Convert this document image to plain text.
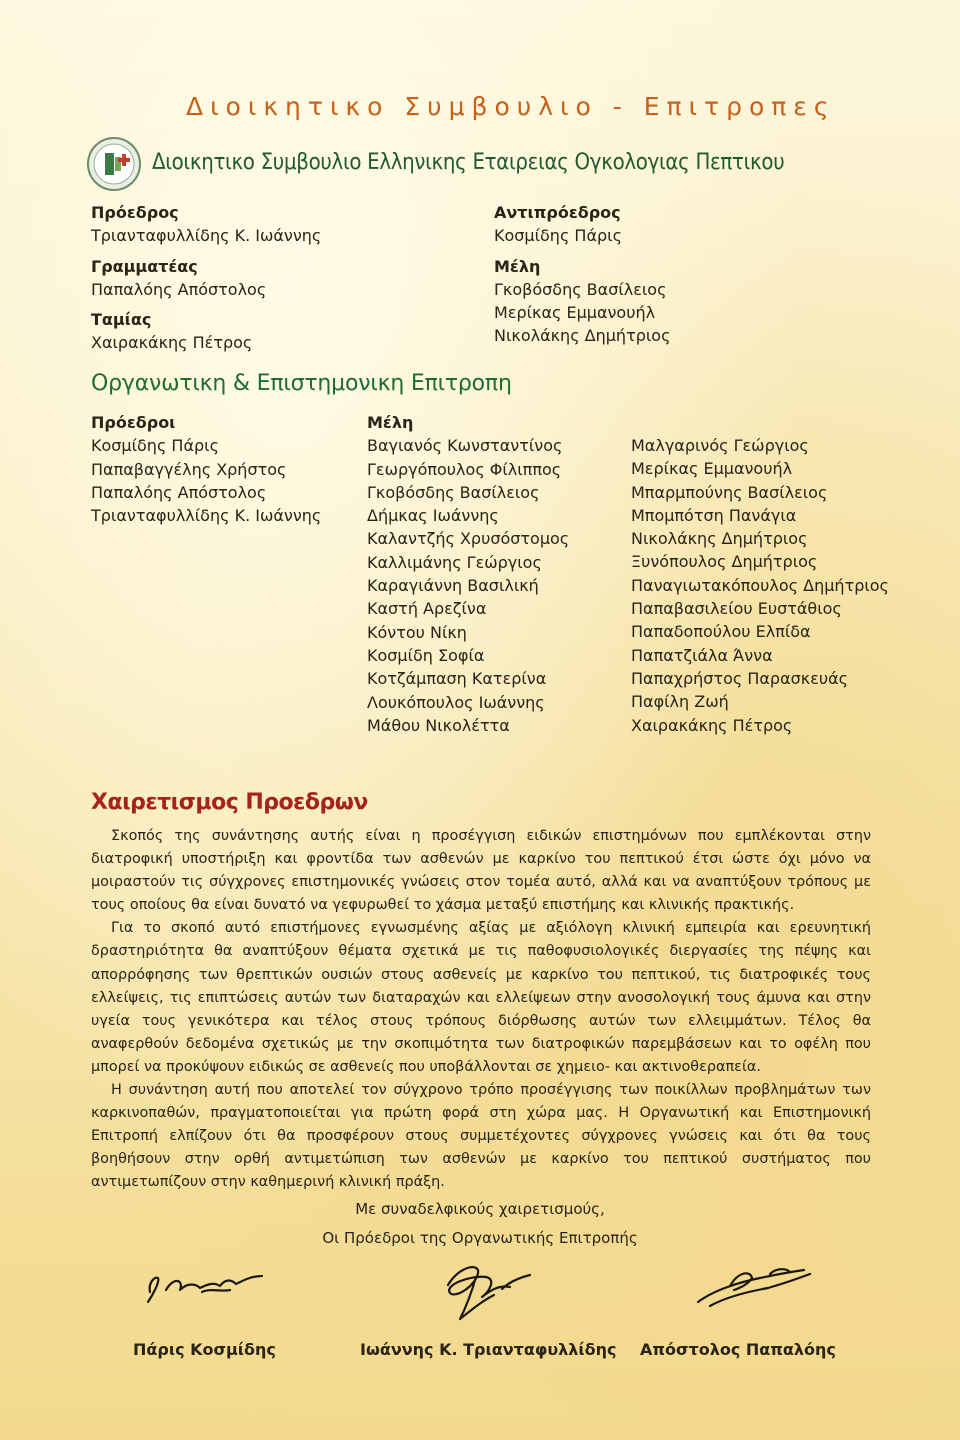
Διοικητικο Συμβουλιο - Επιτροπες
Διοικητικο Συμβουλιο Ελληνικης Εταιρειας Ογκολογιας Πεπτικου
Πρόεδρος
Τριανταφυλλίδης Κ. Ιωάννης
Γραμματέας
Παπαλόης Απόστολος
Ταμίας
Χαιρακάκης Πέτρος
Αντιπρόεδρος
Κοσμίδης Πάρις
Μέλη
Γκοβόσδης Βασίλειος
Μερίκας Εμμανουήλ
Νικολάκης Δημήτριος
Οργανωτικη & Επιστημονικη Επιτροπη
Πρόεδροι
Κοσμίδης Πάρις
Παπαβαγγέλης Χρήστος
Παπαλόης Απόστολος
Τριανταφυλλίδης Κ. Ιωάννης
Μέλη
Βαγιανός Κωνσταντίνος
Γεωργόπουλος Φίλιππος
Γκοβόσδης Βασίλειος
Δήμκας Ιωάννης
Καλαντζής Χρυσόστομος
Καλλιμάνης Γεώργιος
Καραγιάννη Βασιλική
Καστή Αρεζίνα
Κόντου Νίκη
Κοσμίδη Σοφία
Κοτζάμπαση Κατερίνα
Λουκόπουλος Ιωάννης
Μάθου Νικολέττα
Μαλγαρινός Γεώργιος
Μερίκας Εμμανουήλ
Μπαρμπούνης Βασίλειος
Μπομπότση Πανάγια
Νικολάκης Δημήτριος
Ξυνόπουλος Δημήτριος
Παναγιωτακόπουλος Δημήτριος
Παπαβασιλείου Ευστάθιος
Παπαδοπούλου Ελπίδα
Παπατζιάλα Άννα
Παπαχρήστος Παρασκευάς
Παφίλη Ζωή
Χαιρακάκης Πέτρος
Χαιρετισμος Προεδρων

Σκοπός της συνάντησης αυτής είναι η προσέγγιση ειδικών επιστημόνων που εμπλέκονται στην διατροφική υποστήριξη και φροντίδα των ασθενών με καρκίνο του πεπτικού έτσι ώστε όχι μόνο να μοιραστούν τις σύγχρονες επιστημονικές γνώσεις στον τομέα αυτό, αλλά και να αναπτύξουν τρόπους με τους οποίους θα είναι δυνατό να γεφυρωθεί το χάσμα μεταξύ επιστήμης και κλινικής πρακτικής.

Για το σκοπό αυτό επιστήμονες εγνωσμένης αξίας με αξιόλογη κλινική εμπειρία και ερευνητική δραστηριότητα θα αναπτύξουν θέματα σχετικά με τις παθοφυσιολογικές διεργασίες της πέψης και απορρόφησης των θρεπτικών ουσιών στους ασθενείς με καρκίνο του πεπτικού, τις διατροφικές τους ελλείψεις, τις επιπτώσεις αυτών των διαταραχών και ελλείψεων στην ανοσολογική τους άμυνα και στην υγεία τους γενικότερα και τέλος στους τρόπους διόρθωσης αυτών των ελλειμμάτων. Τέλος θα αναφερθούν δεδομένα σχετικώς με την σκοπιμότητα των διατροφικών παρεμβάσεων και το οφέλη που μπορεί να προκύψουν ειδικώς σε ασθενείς που υποβάλλονται σε χημειο- και ακτινοθεραπεία.

Η συνάντηση αυτή που αποτελεί τον σύγχρονο τρόπο προσέγγισης των ποικίλλων προβλημάτων των καρκινοπαθών, πραγματοποιείται για πρώτη φορά στη χώρα μας. Η Οργανωτική και Επιστημονική Επιτροπή ελπίζουν ότι θα προσφέρουν στους συμμετέχοντες σύγχρονες γνώσεις και ότι θα τους βοηθήσουν στην ορθή αντιμετώπιση των ασθενών με καρκίνο του πεπτικού συστήματος που αντιμετωπίζουν στην καθημερινή κλινική πράξη.

Με συναδελφικούς χαιρετισμούς,
Οι Πρόεδροι της Οργανωτικής Επιτροπής
Πάρις Κοσμίδης	Ιωάννης Κ. Τριανταφυλλίδης Απόστολος Παπαλόης
